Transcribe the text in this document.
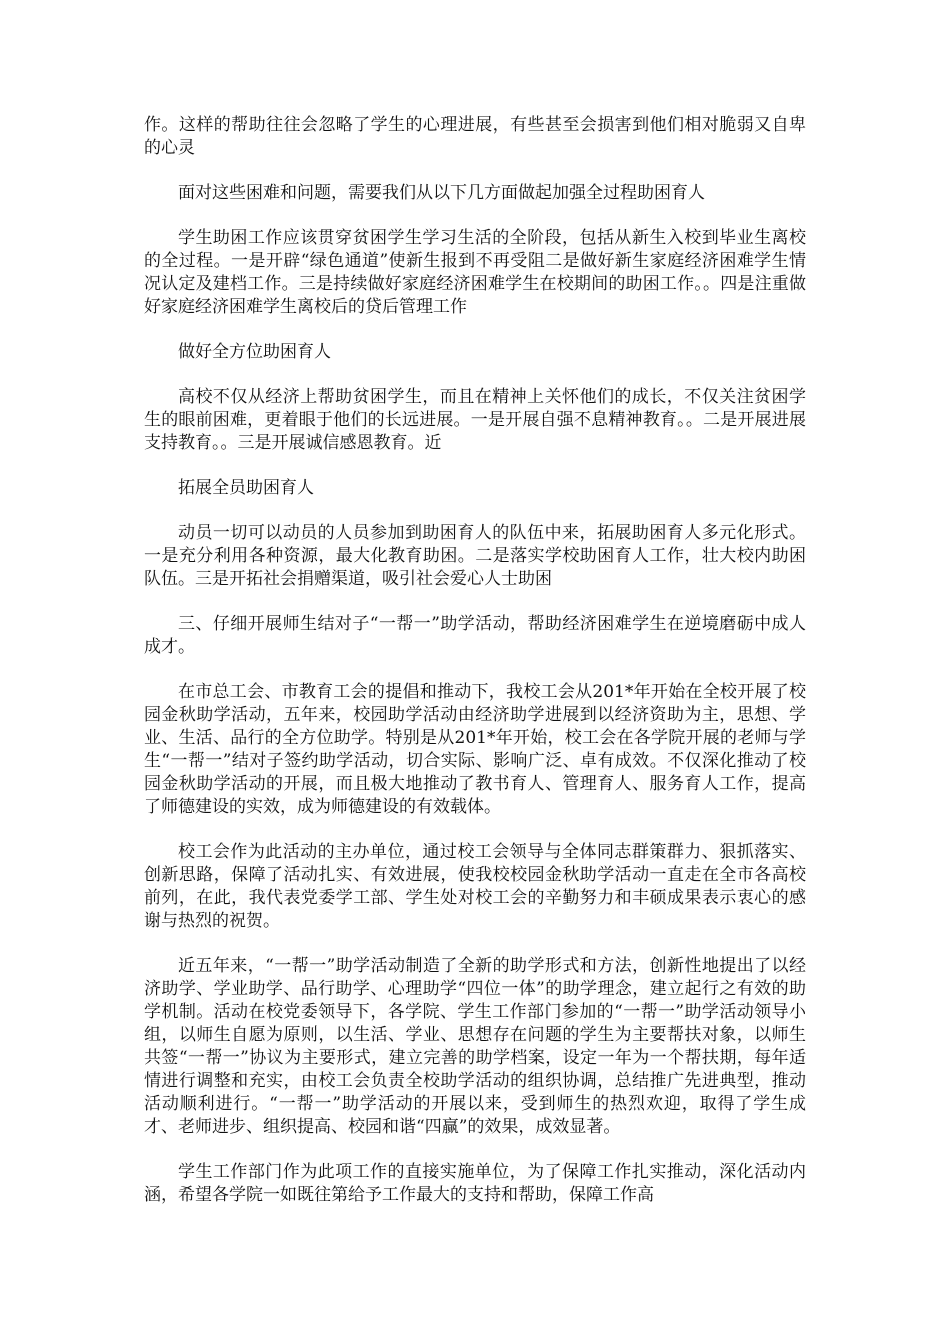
作。这样的帮助往往会忽略了学生的心理进展，有些甚至会损害到他们相对脆弱又自卑的心灵

面对这些困难和问题，需要我们从以下几方面做起加强全过程助困育人

学生助困工作应该贯穿贫困学生学习生活的全阶段，包括从新生入校到毕业生离校的全过程。一是开辟“绿色通道”使新生报到不再受阻二是做好新生家庭经济困难学生情况认定及建档工作。三是持续做好家庭经济困难学生在校期间的助困工作。。四是注重做好家庭经济困难学生离校后的贷后管理工作

做好全方位助困育人

高校不仅从经济上帮助贫困学生，而且在精神上关怀他们的成长，不仅关注贫困学生的眼前困难，更着眼于他们的长远进展。一是开展自强不息精神教育。。二是开展进展支持教育。。三是开展诚信感恩教育。近

拓展全员助困育人

动员一切可以动员的人员参加到助困育人的队伍中来，拓展助困育人多元化形式。一是充分利用各种资源，最大化教育助困。二是落实学校助困育人工作，壮大校内助困队伍。三是开拓社会捐赠渠道，吸引社会爱心人士助困

三、仔细开展师生结对子“一帮一”助学活动，帮助经济困难学生在逆境磨砺中成人成才。

在市总工会、市教育工会的提倡和推动下，我校工会从201*年开始在全校开展了校园金秋助学活动，五年来，校园助学活动由经济助学进展到以经济资助为主，思想、学业、生活、品行的全方位助学。特别是从201*年开始，校工会在各学院开展的老师与学生“一帮一”结对子签约助学活动，切合实际、影响广泛、卓有成效。不仅深化推动了校园金秋助学活动的开展，而且极大地推动了教书育人、管理育人、服务育人工作，提高了师德建设的实效，成为师德建设的有效载体。

校工会作为此活动的主办单位，通过校工会领导与全体同志群策群力、狠抓落实、创新思路，保障了活动扎实、有效进展，使我校校园金秋助学活动一直走在全市各高校前列，在此，我代表党委学工部、学生处对校工会的辛勤努力和丰硕成果表示衷心的感谢与热烈的祝贺。

近五年来，“一帮一”助学活动制造了全新的助学形式和方法，创新性地提出了以经济助学、学业助学、品行助学、心理助学“四位一体”的助学理念，建立起行之有效的助学机制。活动在校党委领导下，各学院、学生工作部门参加的“一帮一”助学活动领导小组，以师生自愿为原则，以生活、学业、思想存在问题的学生为主要帮扶对象，以师生共签“一帮一”协议为主要形式，建立完善的助学档案，设定一年为一个帮扶期，每年适情进行调整和充实，由校工会负责全校助学活动的组织协调，总结推广先进典型，推动活动顺利进行。“一帮一”助学活动的开展以来，受到师生的热烈欢迎，取得了学生成才、老师进步、组织提高、校园和谐“四赢”的效果，成效显著。

学生工作部门作为此项工作的直接实施单位，为了保障工作扎实推动，深化活动内涵，希望各学院一如既往第给予工作最大的支持和帮助，保障工作高
